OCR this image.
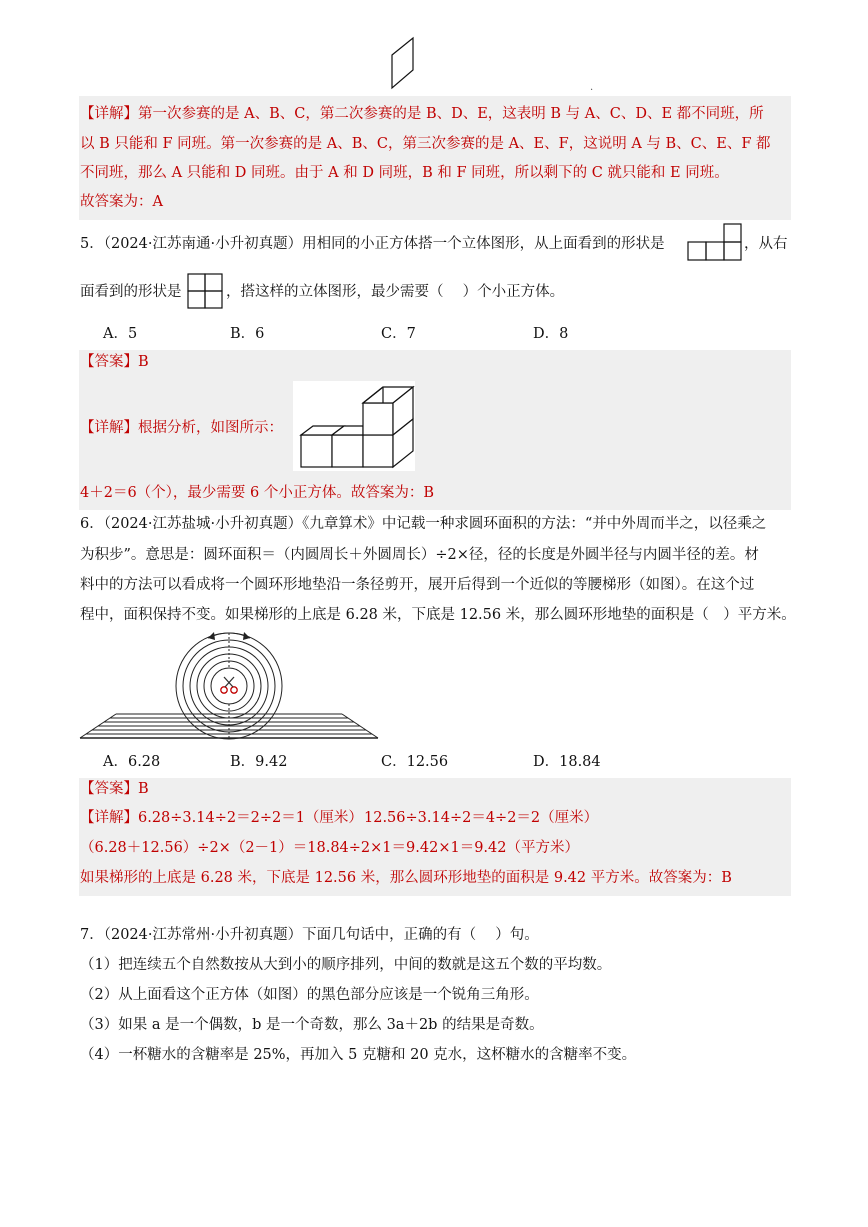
.
【详解】第一次参赛的是 A、B、C，第二次参赛的是 B、D、E，这表明 B 与 A、C、D、E 都不同班，所
以 B 只能和 F 同班。第一次参赛的是 A、B、C，第三次参赛的是 A、E、F，这说明 A 与 B、C、E、F 都
不同班，那么 A 只能和 D 同班。由于 A 和 D 同班，B 和 F 同班，所以剩下的 C 就只能和 E 同班。
故答案为：A
5．（2024·江苏南通·小升初真题）用相同的小正方体搭一个立体图形，从上面看到的形状是	，从右
面看到的形状是	，搭这样的立体图形，最少需要（　 ）个小正方体。
A．5	B．6	C．7	D．8
【答案】B
【详解】根据分析，如图所示：
4＋2＝6（个），最少需要 6 个小正方体。故答案为：B
6．（2024·江苏盐城·小升初真题）《九章算术》中记载一种求圆环面积的方法：“并中外周而半之，以径乘之
为积步”。意思是：圆环面积＝（内圆周长＋外圆周长）÷2×径，径的长度是外圆半径与内圆半径的差。材
料中的方法可以看成将一个圆环形地垫沿一条径剪开，展开后得到一个近似的等腰梯形（如图）。在这个过
程中，面积保持不变。如果梯形的上底是 6.28 米，下底是 12.56 米，那么圆环形地垫的面积是（　）平方米。
A．6.28	B．9.42	C．12.56	D．18.84
【答案】B
【详解】6.28÷3.14÷2＝2÷2＝1（厘米） 12.56÷3.14÷2＝4÷2＝2（厘米）
（6.28＋12.56）÷2×（2－1）＝18.84÷2×1＝9.42×1＝9.42（平方米）
如果梯形的上底是 6.28 米，下底是 12.56 米，那么圆环形地垫的面积是 9.42 平方米。故答案为：B
7．（2024·江苏常州·小升初真题）下面几句话中，正确的有（　 ）句。
（1）把连续五个自然数按从大到小的顺序排列，中间的数就是这五个数的平均数。
（2）从上面看这个正方体（如图）的黑色部分应该是一个锐角三角形。
（3）如果 a 是一个偶数，b 是一个奇数，那么 3a＋2b 的结果是奇数。
（4）一杯糖水的含糖率是 25%，再加入 5 克糖和 20 克水，这杯糖水的含糖率不变。
